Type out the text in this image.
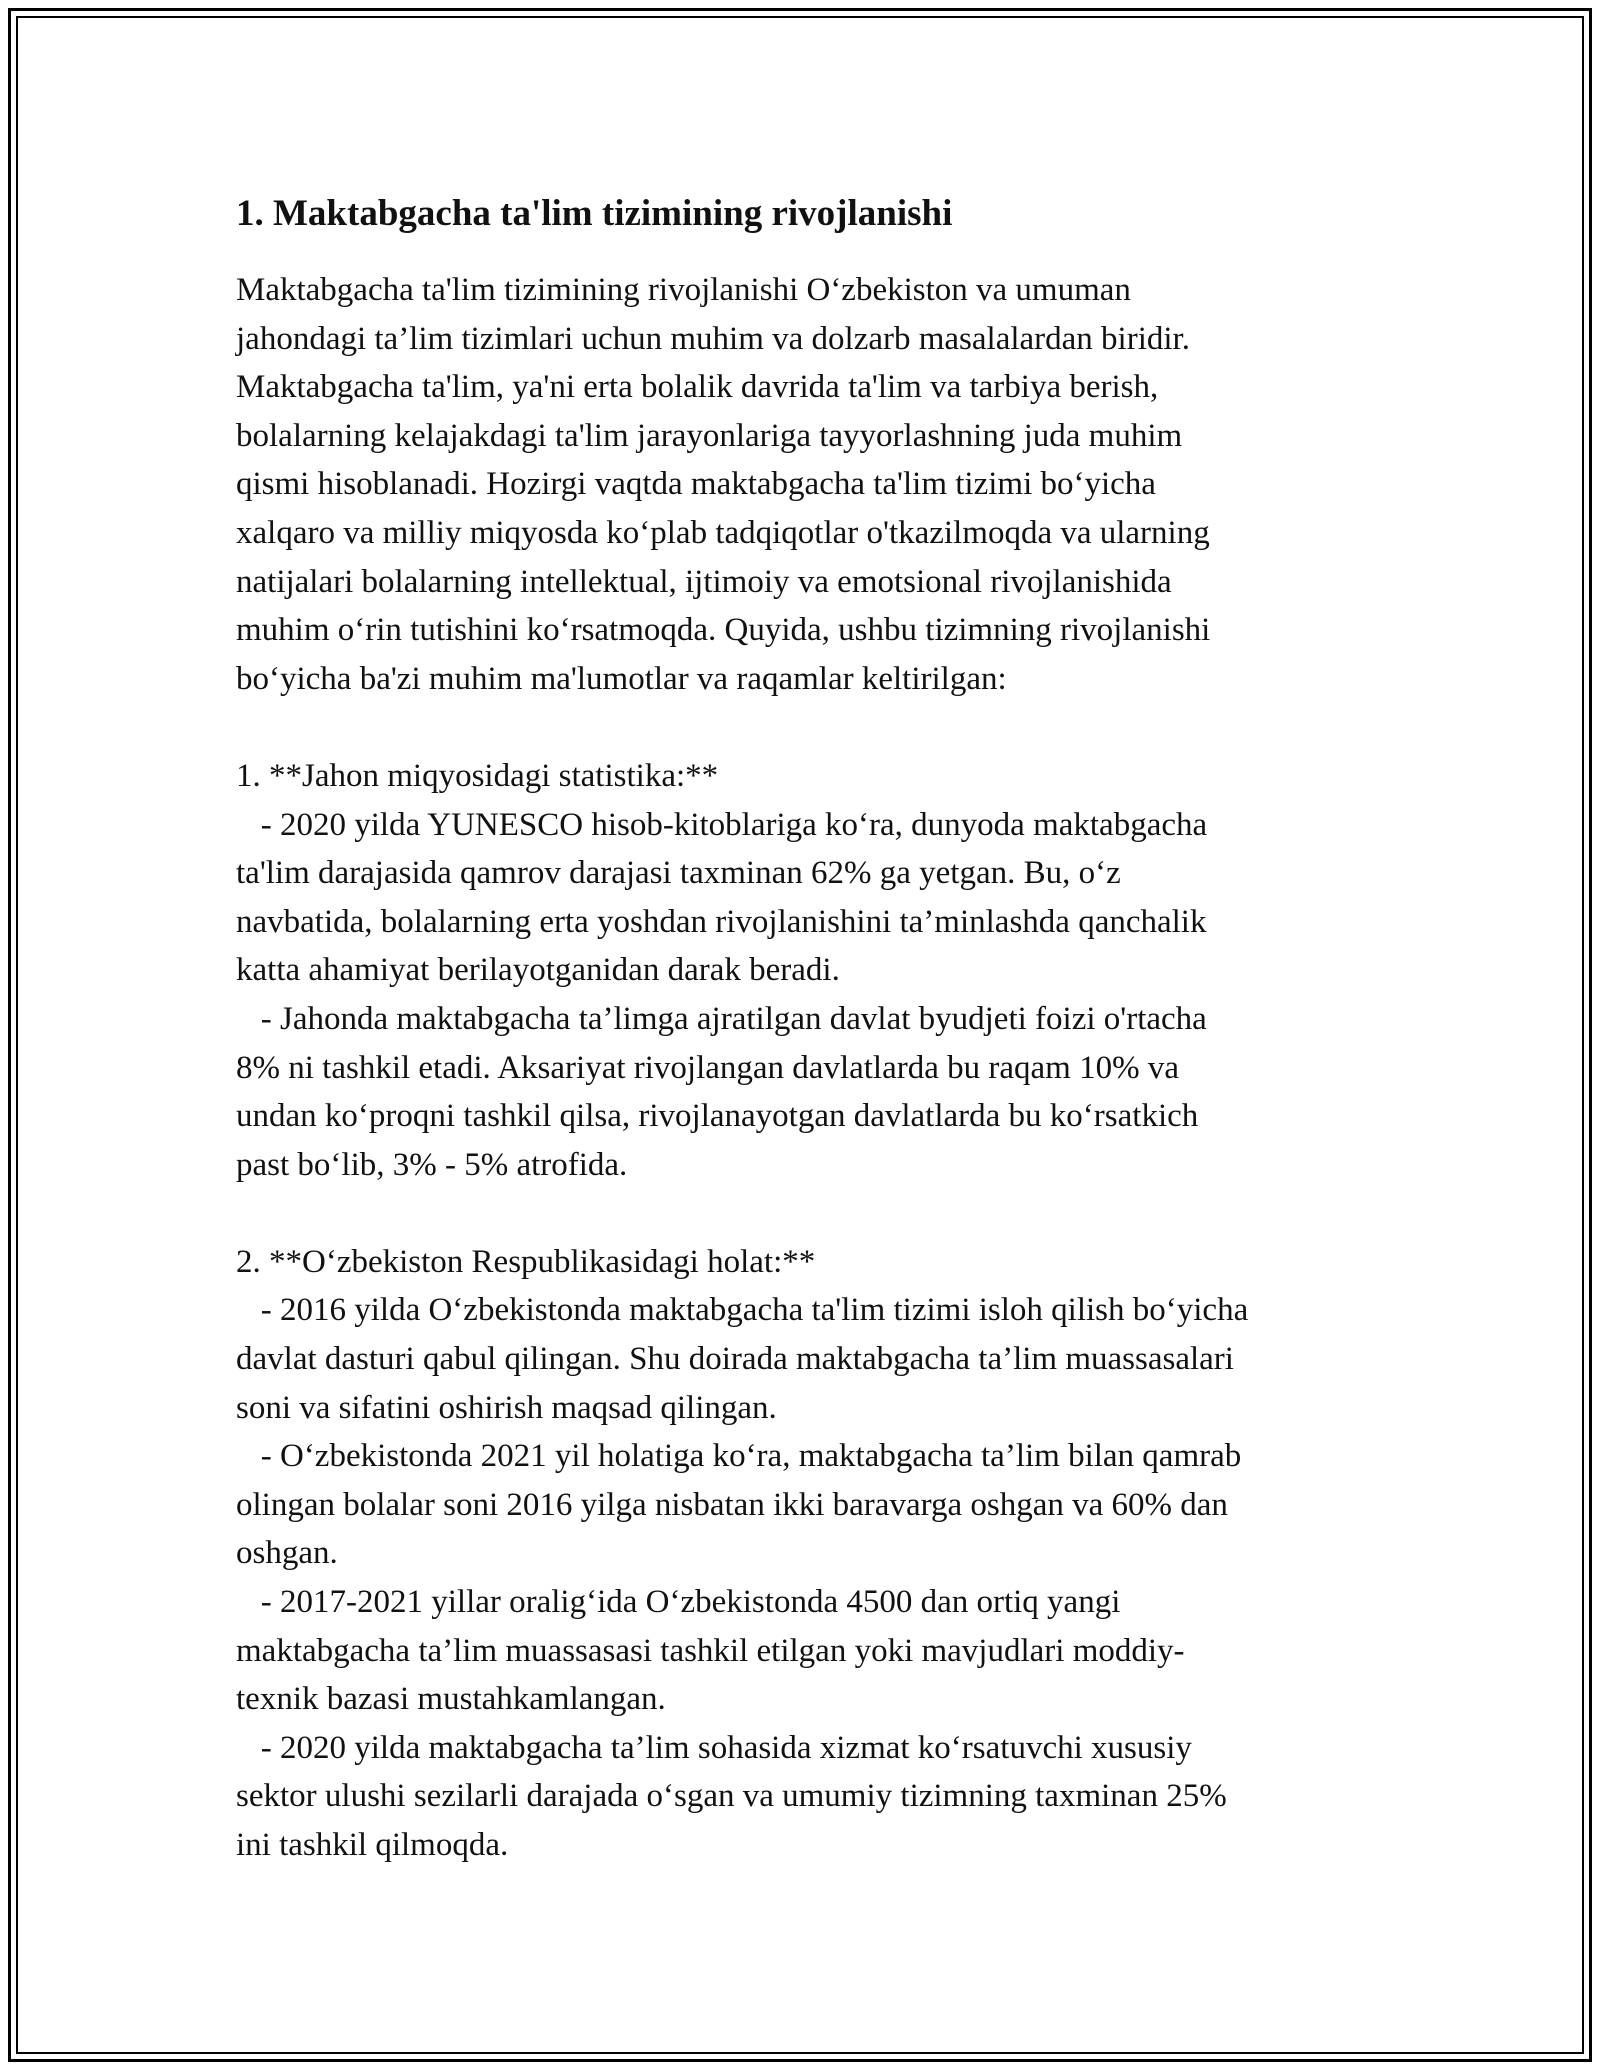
1. Maktabgacha ta'lim tizimining rivojlanishi
Maktabgacha ta'lim tizimining rivojlanishi O‘zbekiston va umuman
jahondagi ta’lim tizimlari uchun muhim va dolzarb masalalardan biridir.
Maktabgacha ta'lim, ya'ni erta bolalik davrida ta'lim va tarbiya berish,
bolalarning kelajakdagi ta'lim jarayonlariga tayyorlashning juda muhim
qismi hisoblanadi. Hozirgi vaqtda maktabgacha ta'lim tizimi bo‘yicha
xalqaro va milliy miqyosda ko‘plab tadqiqotlar o'tkazilmoqda va ularning
natijalari bolalarning intellektual, ijtimoiy va emotsional rivojlanishida
muhim o‘rin tutishini ko‘rsatmoqda. Quyida, ushbu tizimning rivojlanishi
bo‘yicha ba'zi muhim ma'lumotlar va raqamlar keltirilgan:
1. **Jahon miqyosidagi statistika:**
- 2020 yilda YUNESCO hisob-kitoblariga ko‘ra, dunyoda maktabgacha
ta'lim darajasida qamrov darajasi taxminan 62% ga yetgan. Bu, o‘z
navbatida, bolalarning erta yoshdan rivojlanishini ta’minlashda qanchalik
katta ahamiyat berilayotganidan darak beradi.
- Jahonda maktabgacha ta’limga ajratilgan davlat byudjeti foizi o'rtacha
8% ni tashkil etadi. Aksariyat rivojlangan davlatlarda bu raqam 10% va
undan ko‘proqni tashkil qilsa, rivojlanayotgan davlatlarda bu ko‘rsatkich
past bo‘lib, 3% - 5% atrofida.
2. **O‘zbekiston Respublikasidagi holat:**
- 2016 yilda O‘zbekistonda maktabgacha ta'lim tizimi isloh qilish bo‘yicha
davlat dasturi qabul qilingan. Shu doirada maktabgacha ta’lim muassasalari
soni va sifatini oshirish maqsad qilingan.
- O‘zbekistonda 2021 yil holatiga ko‘ra, maktabgacha ta’lim bilan qamrab
olingan bolalar soni 2016 yilga nisbatan ikki baravarga oshgan va 60% dan
oshgan.
- 2017-2021 yillar oralig‘ida O‘zbekistonda 4500 dan ortiq yangi
maktabgacha ta’lim muassasasi tashkil etilgan yoki mavjudlari moddiy-
texnik bazasi mustahkamlangan.
- 2020 yilda maktabgacha ta’lim sohasida xizmat ko‘rsatuvchi xususiy
sektor ulushi sezilarli darajada o‘sgan va umumiy tizimning taxminan 25%
ini tashkil qilmoqda.
